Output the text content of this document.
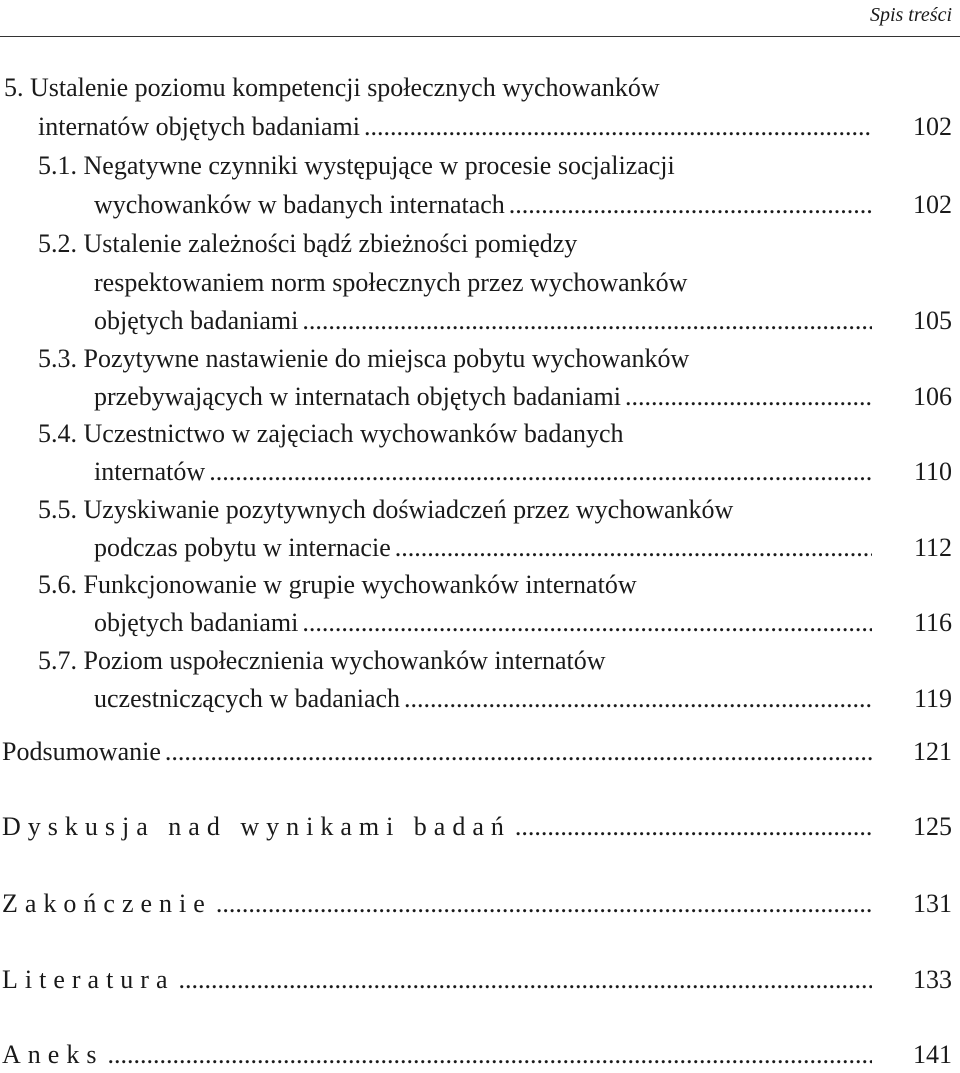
Spis treści
5. Ustalenie poziomu kompetencji społecznych wychowanków
internatów objętych badaniami .....	102
5.1. Negatywne czynniki występujące w procesie socjalizacji
wychowanków w badanych internatach .....	102
5.2. Ustalenie zależności bądź zbieżności pomiędzy
respektowaniem norm społecznych przez wychowanków
objętych badaniami .....	105
5.3. Pozytywne nastawienie do miejsca pobytu wychowanków
przebywających w internatach objętych badaniami .....	106
5.4. Uczestnictwo w zajęciach wychowanków badanych
internatów .....	110
5.5. Uzyskiwanie pozytywnych doświadczeń przez wychowanków
podczas pobytu w internacie .....	112
5.6. Funkcjonowanie w grupie wychowanków internatów
objętych badaniami .....	116
5.7. Poziom uspołecznienia wychowanków internatów
uczestniczących w badaniach .....	119
Podsumowanie .....	121
Dyskusja nad wynikami badań .....	125
Zakończenie .....	131
Literatura .....	133
Aneks .....	141
